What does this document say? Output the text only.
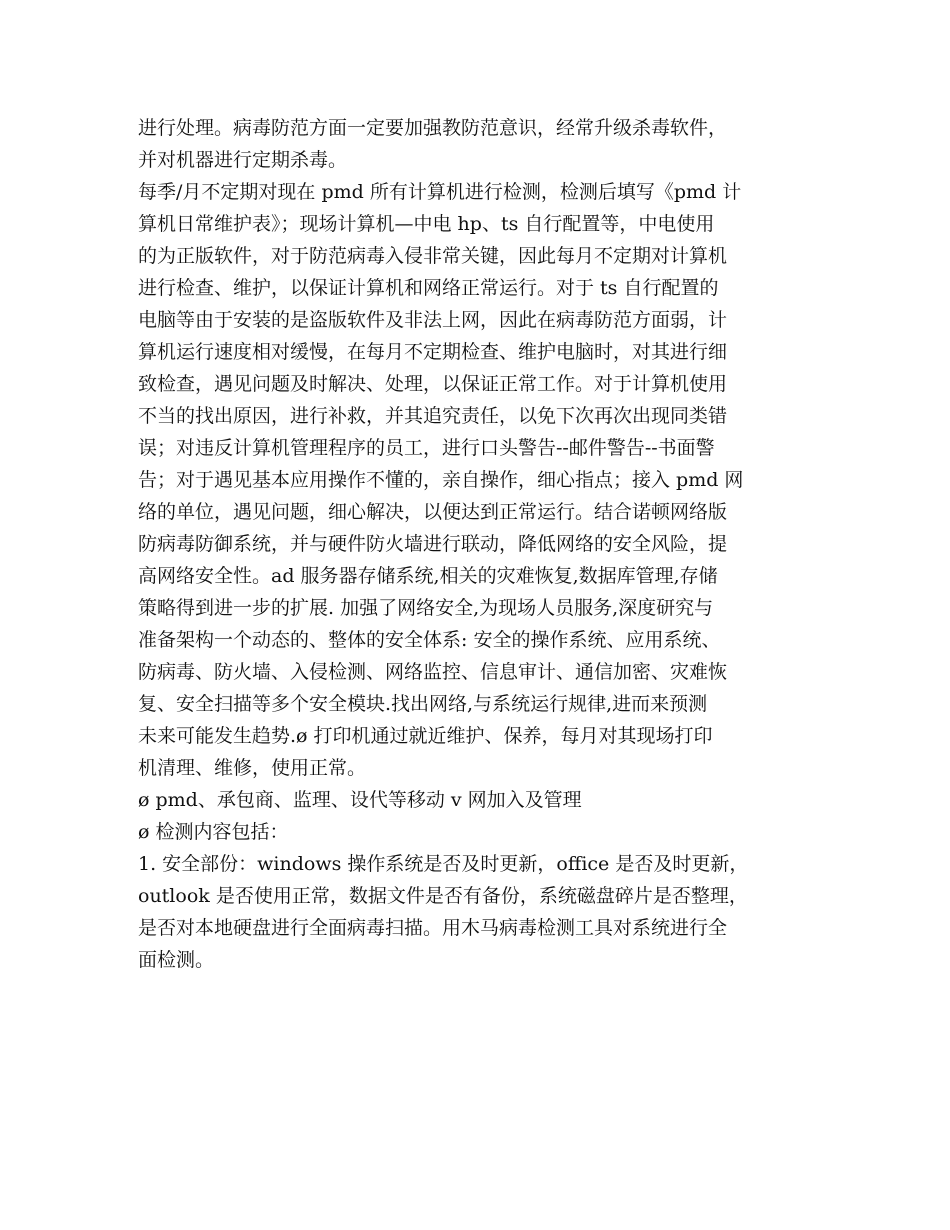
进行处理。病毒防范方面一定要加强教防范意识，经常升级杀毒软件，
并对机器进行定期杀毒。
每季/月不定期对现在 pmd 所有计算机进行检测，检测后填写《pmd 计
算机日常维护表》；现场计算机—中电 hp、ts 自行配置等，中电使用
的为正版软件，对于防范病毒入侵非常关键，因此每月不定期对计算机
进行检查、维护，以保证计算机和网络正常运行。对于 ts 自行配置的
电脑等由于安装的是盗版软件及非法上网，因此在病毒防范方面弱，计
算机运行速度相对缓慢，在每月不定期检查、维护电脑时，对其进行细
致检查，遇见问题及时解决、处理，以保证正常工作。对于计算机使用
不当的找出原因，进行补救，并其追究责任，以免下次再次出现同类错
误；对违反计算机管理程序的员工，进行口头警告--邮件警告--书面警
告；对于遇见基本应用操作不懂的，亲自操作，细心指点；接入 pmd 网
络的单位，遇见问题，细心解决，以便达到正常运行。结合诺顿网络版
防病毒防御系统，并与硬件防火墙进行联动，降低网络的安全风险，提
高网络安全性。ad 服务器存储系统,相关的灾难恢复,数据库管理,存储
策略得到进一步的扩展. 加强了网络安全,为现场人员服务,深度研究与
准备架构一个动态的、整体的安全体系: 安全的操作系统、应用系统、
防病毒、防火墙、入侵检测、网络监控、信息审计、通信加密、灾难恢
复、安全扫描等多个安全模块.找出网络,与系统运行规律,进而来预测
未来可能发生趋势.ø 打印机通过就近维护、保养，每月对其现场打印
机清理、维修，使用正常。
ø pmd、承包商、监理、设代等移动 v 网加入及管理
ø 检测内容包括：
1. 安全部份：windows 操作系统是否及时更新，office 是否及时更新，
outlook 是否使用正常，数据文件是否有备份，系统磁盘碎片是否整理，
是否对本地硬盘进行全面病毒扫描。用木马病毒检测工具对系统进行全
面检测。
